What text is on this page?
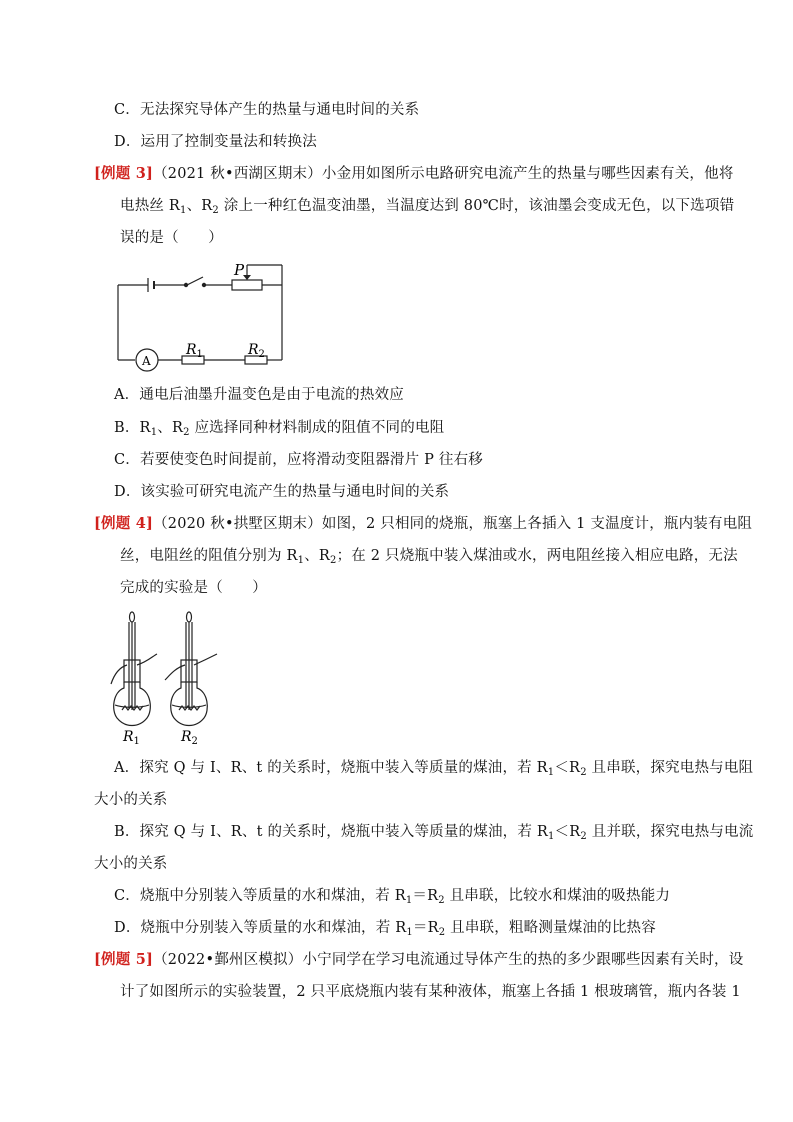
C．无法探究导体产生的热量与通电时间的关系
D．运用了控制变量法和转换法
[例题 3]（2021 秋•西湖区期末）小金用如图所示电路研究电流产生的热量与哪些因素有关，他将
电热丝 $R_1$、$R_2$ 涂上一种红色温变油墨，当温度达到 80℃时，该油墨会变成无色，以下选项错
误的是（　　）
P
A
$R_1$	$R_2$
A．通电后油墨升温变色是由于电流的热效应
B．$R_1$、$R_2$ 应选择同种材料制成的阻值不同的电阻
C．若要使变色时间提前，应将滑动变阻器滑片 P 往右移
D．该实验可研究电流产生的热量与通电时间的关系
[例题 4]（2020 秋•拱墅区期末）如图，2 只相同的烧瓶，瓶塞上各插入 1 支温度计，瓶内装有电阻
丝，电阻丝的阻值分别为 $R_1$、$R_2$；在 2 只烧瓶中装入煤油或水，两电阻丝接入相应电路，无法
完成的实验是（　　）
$R_1$	$R_2$
A．探究 Q 与 I、R、t 的关系时，烧瓶中装入等质量的煤油，若 $R_1<R_2$ 且串联，探究电热与电阻
大小的关系
B．探究 Q 与 I、R、t 的关系时，烧瓶中装入等质量的煤油，若 $R_1<R_2$ 且并联，探究电热与电流
大小的关系
C．烧瓶中分别装入等质量的水和煤油，若 $R_1=R_2$ 且串联，比较水和煤油的吸热能力
D．烧瓶中分别装入等质量的水和煤油，若 $R_1=R_2$ 且串联，粗略测量煤油的比热容
[例题 5]（2022•鄞州区模拟）小宁同学在学习电流通过导体产生的热的多少跟哪些因素有关时，设
计了如图所示的实验装置，2 只平底烧瓶内装有某种液体，瓶塞上各插 1 根玻璃管，瓶内各装 1
